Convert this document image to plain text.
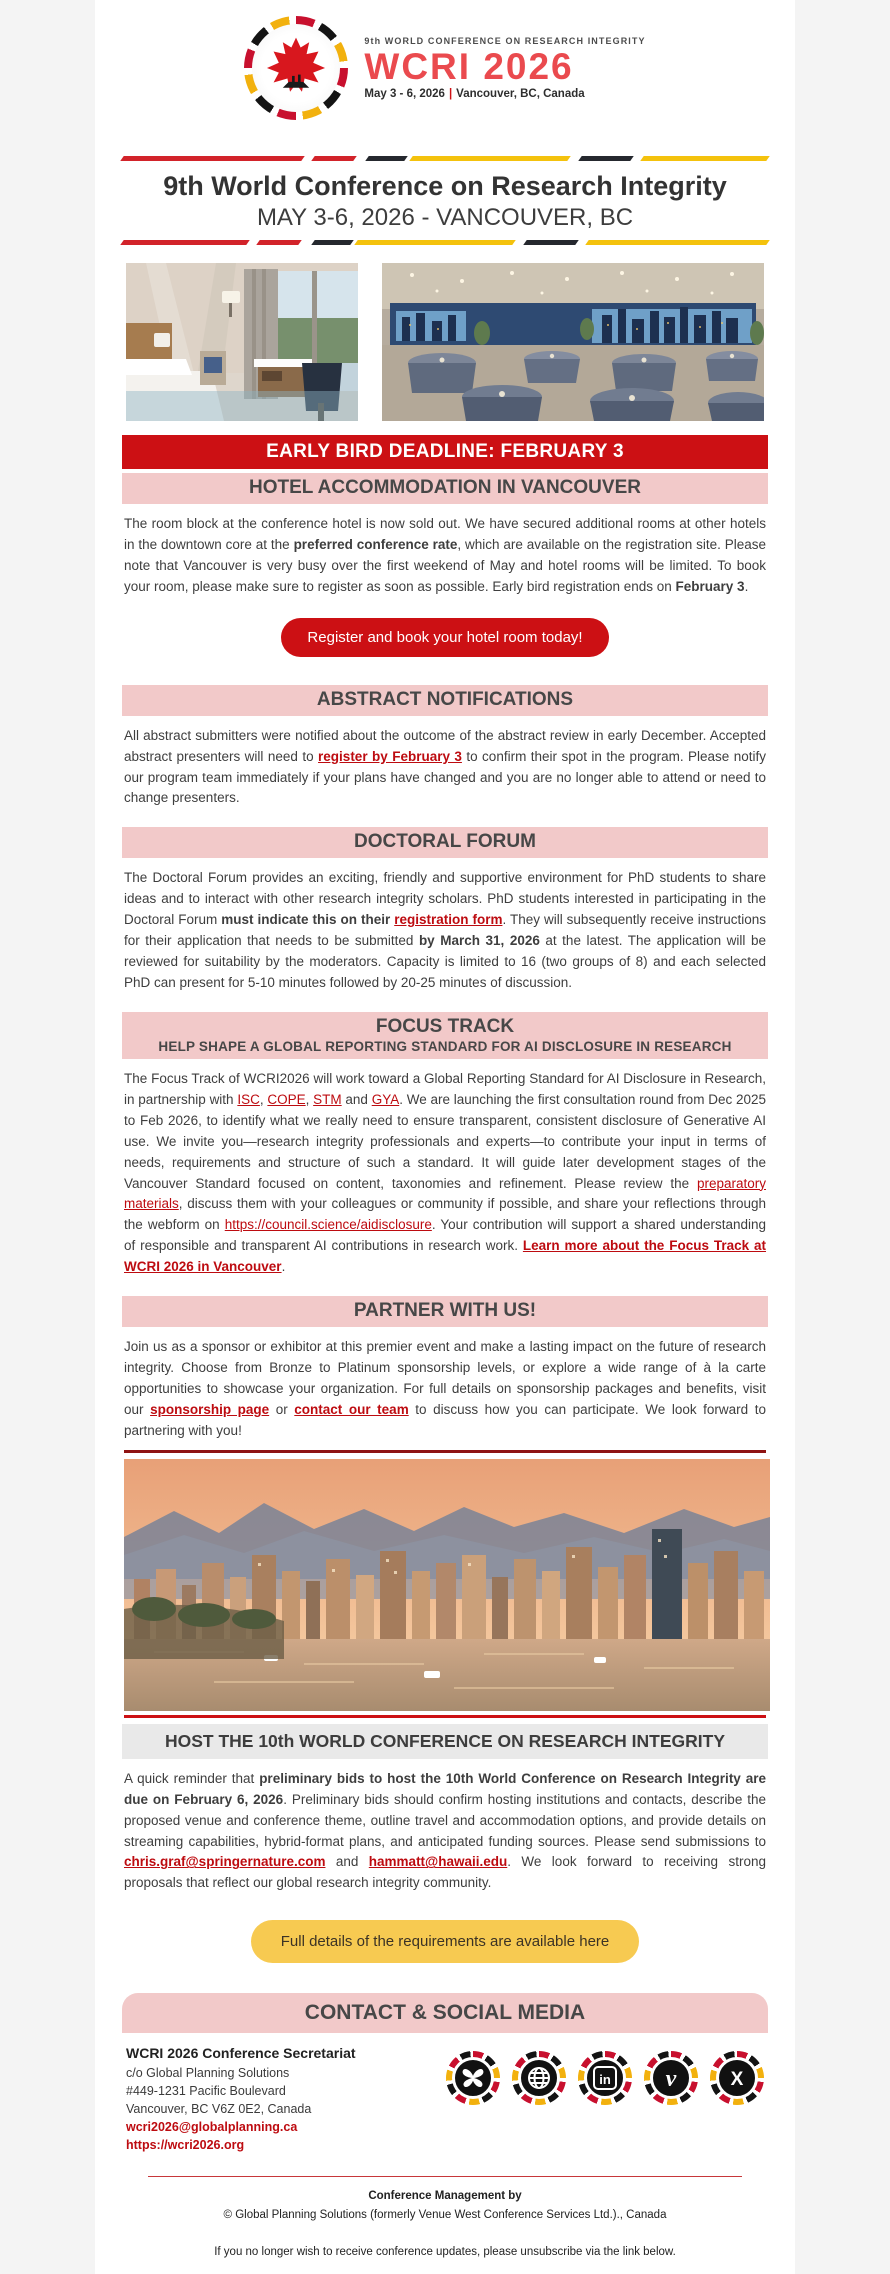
9th WORLD CONFERENCE ON RESEARCH INTEGRITY
WCRI 2026
May 3 - 6, 2026 | Vancouver, BC, Canada
9th World Conference on Research Integrity
MAY 3-6, 2026 - VANCOUVER, BC
EARLY BIRD DEADLINE: FEBRUARY 3
HOTEL ACCOMMODATION IN VANCOUVER

The room block at the conference hotel is now sold out. We have secured additional rooms at other hotels in the downtown core at the preferred conference rate, which are available on the registration site. Please note that Vancouver is very busy over the first weekend of May and hotel rooms will be limited. To book your room, please make sure to register as soon as possible. Early bird registration ends on February 3.

Register and book your hotel room today!
ABSTRACT NOTIFICATIONS

All abstract submitters were notified about the outcome of the abstract review in early December. Accepted abstract presenters will need to register by February 3 to confirm their spot in the program. Please notify our program team immediately if your plans have changed and you are no longer able to attend or need to change presenters.

DOCTORAL FORUM

The Doctoral Forum provides an exciting, friendly and supportive environment for PhD students to share ideas and to interact with other research integrity scholars. PhD students interested in participating in the Doctoral Forum must indicate this on their registration form. They will subsequently receive instructions for their application that needs to be submitted by March 31, 2026 at the latest. The application will be reviewed for suitability by the moderators. Capacity is limited to 16 (two groups of 8) and each selected PhD can present for 5-10 minutes followed by 20-25 minutes of discussion.

FOCUS TRACK
HELP SHAPE A GLOBAL REPORTING STANDARD FOR AI DISCLOSURE IN RESEARCH

The Focus Track of WCRI2026 will work toward a Global Reporting Standard for AI Disclosure in Research, in partnership with ISC, COPE, STM and GYA. We are launching the first consultation round from Dec 2025 to Feb 2026, to identify what we really need to ensure transparent, consistent disclosure of Generative AI use. We invite you—research integrity professionals and experts—to contribute your input in terms of needs, requirements and structure of such a standard. It will guide later development stages of the Vancouver Standard focused on content, taxonomies and refinement. Please review the preparatory materials, discuss them with your colleagues or community if possible, and share your reflections through the webform on https://council.science/aidisclosure. Your contribution will support a shared understanding of responsible and transparent AI contributions in research work. Learn more about the Focus Track at WCRI 2026 in Vancouver.

PARTNER WITH US!

Join us as a sponsor or exhibitor at this premier event and make a lasting impact on the future of research integrity. Choose from Bronze to Platinum sponsorship levels, or explore a wide range of à la carte opportunities to showcase your organization. For full details on sponsorship packages and benefits, visit our sponsorship page or contact our team to discuss how you can participate. We look forward to partnering with you!

HOST THE 10th WORLD CONFERENCE ON RESEARCH INTEGRITY

A quick reminder that preliminary bids to host the 10th World Conference on Research Integrity are due on February 6, 2026. Preliminary bids should confirm hosting institutions and contacts, describe the proposed venue and conference theme, outline travel and accommodation options, and provide details on streaming capabilities, hybrid-format plans, and anticipated funding sources. Please send submissions to chris.graf@springernature.com and hammatt@hawaii.edu. We look forward to receiving strong proposals that reflect our global research integrity community.

Full details of the requirements are available here
CONTACT & SOCIAL MEDIA
WCRI 2026 Conference Secretariat
c/o Global Planning Solutions
#449-1231 Pacific Boulevard
Vancouver, BC V6Z 0E2, Canada
wcri2026@globalplanning.ca
https://wcri2026.org
in v	X
Conference Management by
© Global Planning Solutions (formerly Venue West Conference Services Ltd.)., Canada
If you no longer wish to receive conference updates, please unsubscribe via the link below.
